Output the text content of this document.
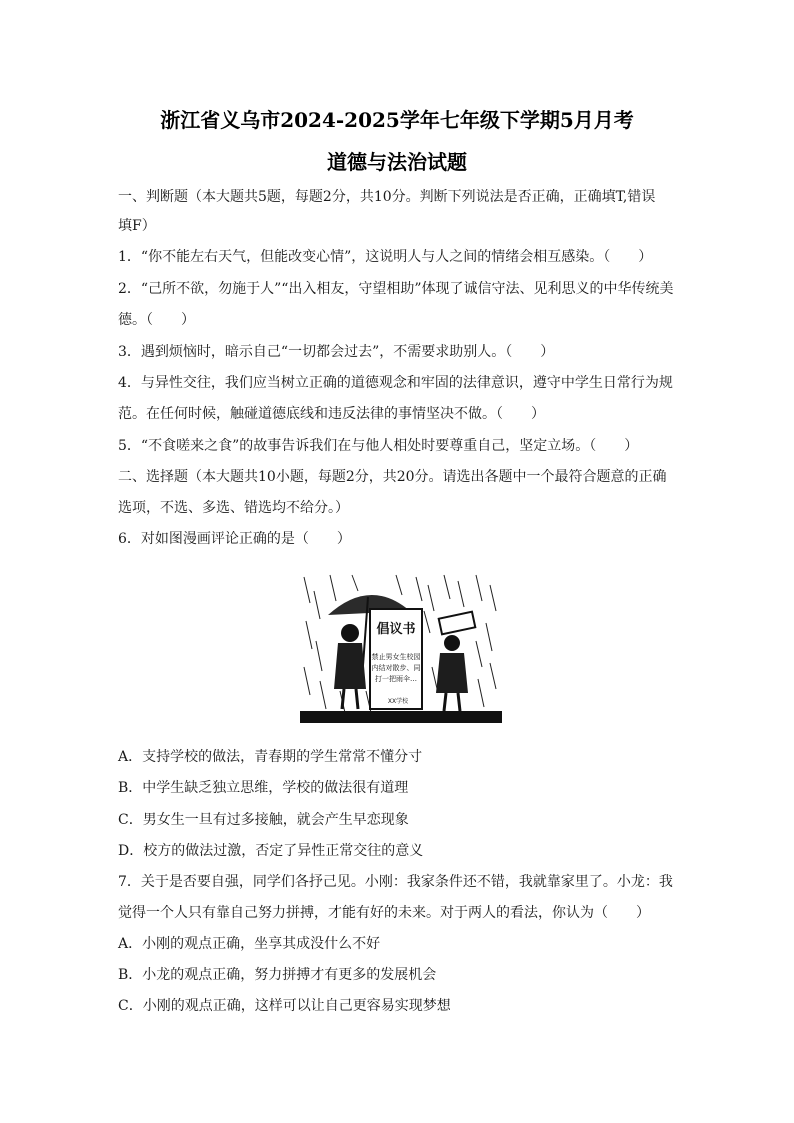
浙江省义乌市2024-2025学年七年级下学期5月月考
道德与法治试题
一、判断题（本大题共5题，每题2分，共10分。判断下列说法是否正确，正确填T,错误
填F）
1．“你不能左右天气，但能改变心情”，这说明人与人之间的情绪会相互感染。（　　）
2．“己所不欲，勿施于人”“出入相友，守望相助”体现了诚信守法、见利思义的中华传统美
德。（　　）
3．遇到烦恼时，暗示自己“一切都会过去”，不需要求助别人。（　　）
4．与异性交往，我们应当树立正确的道德观念和牢固的法律意识，遵守中学生日常行为规
范。在任何时候，触碰道德底线和违反法律的事情坚决不做。（　　）
5．“不食嗟来之食”的故事告诉我们在与他人相处时要尊重自己，坚定立场。（　　）
二、选择题（本大题共10小题，每题2分，共20分。请选出各题中一个最符合题意的正确
选项，不选、多选、错选均不给分。）
6．对如图漫画评论正确的是（　　）
倡议书
禁止男女生校园
内结对散步、同
打一把雨伞…
XX学校
A．支持学校的做法，青春期的学生常常不懂分寸
B．中学生缺乏独立思维，学校的做法很有道理
C．男女生一旦有过多接触，就会产生早恋现象
D．校方的做法过激，否定了异性正常交往的意义
7．关于是否要自强，同学们各抒己见。小刚：我家条件还不错，我就靠家里了。小龙：我
觉得一个人只有靠自己努力拼搏，才能有好的未来。对于两人的看法，你认为（　　）
A．小刚的观点正确，坐享其成没什么不好
B．小龙的观点正确，努力拼搏才有更多的发展机会
C．小刚的观点正确，这样可以让自己更容易实现梦想
